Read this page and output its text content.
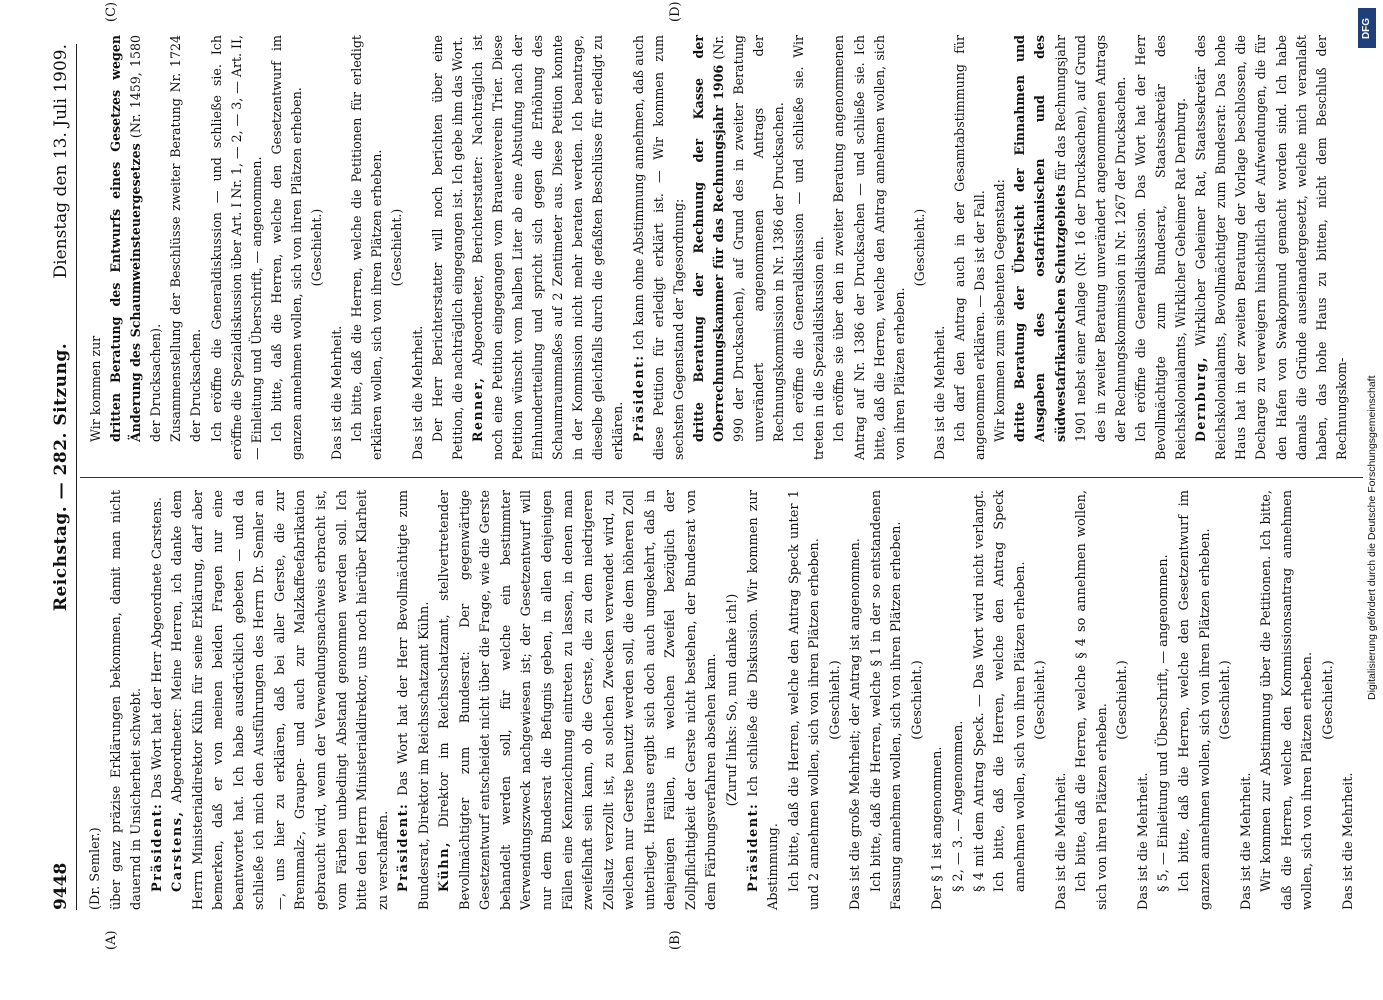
9448
Reichstag. — 282. Sitzung.
Dienstag den 13. Juli 1909.
(A)	(B)
(C)	(D)

(Dr. Semler.) über ganz präzise Erklärungen bekommen, damit man nicht dauernd in Unsicherheit schwebt. Präsident: Das Wort hat der Herr Abgeordnete Carstens.

Carstens, Abgeordneter: Meine Herren, ich danke dem Herrn Ministerialdirektor Kühn für seine Erklärung, darf aber bemerken, daß er von meinen beiden Fragen nur eine beantwortet hat. Ich habe ausdrücklich gebeten — und da schließe ich mich den Ausführungen des Herrn Dr. Semler an —, uns hier zu erklären, daß bei aller Gerste, die zur Brennmalz-, Graupen- und auch zur Malzkaffeefabrikation gebraucht wird, wenn der Verwendungsnachweis erbracht ist, vom Färben unbedingt Abstand genommen werden soll. Ich bitte den Herrn Ministerialdirektor, uns noch hierüber Klarheit zu verschaffen. Präsident: Das Wort hat der Herr Bevollmächtigte zum Bundesrat, Direktor im Reichsschatzamt Kühn. Kühn, Direktor im Reichsschatzamt, stellvertretender Bevollmächtigter zum Bundesrat: Der gegenwärtige Gesetzentwurf entscheidet nicht über die Frage, wie die Gerste behandelt werden soll, für welche ein bestimmter Verwendungszweck nachgewiesen ist; der Gesetzentwurf will nur dem Bundesrat die Befugnis geben, in allen denjenigen Fällen eine Kennzeichnung eintreten zu lassen, in denen man zweifelhaft sein kann, ob die Gerste, die zu dem niedrigeren Zollsatz verzollt ist, zu solchen Zwecken verwendet wird, zu welchen nur Gerste benutzt werden soll, die dem höheren Zoll unterliegt. Hieraus ergibt sich doch auch umgekehrt, daß in denjenigen Fällen, in welchen Zweifel bezüglich der Zollpflichtigkeit der Gerste nicht bestehen, der Bundesrat von dem Färbungsverfahren absehen kann. (Zuruf links: So, nun danke ich!)

Präsident: Ich schließe die Diskussion. Wir kommen zur Abstimmung. Ich bitte, daß die Herren, welche den Antrag Speck unter 1 und 2 annehmen wollen, sich von ihren Plätzen erheben. (Geschieht.) Das ist die große Mehrheit; der Antrag ist angenommen. Ich bitte, daß die Herren, welche § 1 in der so entstandenen Fassung annehmen wollen, sich von ihren Plätzen erheben. (Geschieht.)

Der § 1 ist angenommen. § 2, — 3. — Angenommen. § 4 mit dem Antrag Speck. — Das Wort wird nicht verlangt. Ich bitte, daß die Herren, welche den Antrag Speck annehmen wollen, sich von ihren Plätzen erheben. (Geschieht.)

Das ist die Mehrheit. Ich bitte, daß die Herren, welche § 4 so annehmen wollen, sich von ihren Plätzen erheben.

(Geschieht.)

Das ist die Mehrheit. § 5, — Einleitung und Überschrift, — angenommen. Ich bitte, daß die Herren, welche den Gesetzentwurf im ganzen annehmen wollen, sich von ihren Plätzen erheben. (Geschieht.)

Das ist die Mehrheit. Wir kommen zur Abstimmung über die Petitionen. Ich bitte, daß die Herren, welche den Kommissionsantrag annehmen wollen, sich von ihren Plätzen erheben. (Geschieht.)

Das ist die Mehrheit.

Wir kommen zur dritten Beratung des Entwurfs eines Gesetzes wegen Änderung des Schaumweinsteuergesetzes (Nr. 1459, 1580 der Drucksachen). Zusammenstellung der Beschlüsse zweiter Beratung Nr. 1724 der Drucksachen. Ich eröffne die Generaldiskussion — und schließe sie. Ich eröffne die Spezialdiskussion über Art. I Nr. 1, — 2, — 3, — Art. II, — Einleitung und Überschrift, — angenommen. Ich bitte, daß die Herren, welche den Gesetzentwurf im ganzen annehmen wollen, sich von ihren Plätzen erheben. (Geschieht.)

Das ist die Mehrheit. Ich bitte, daß die Herren, welche die Petitionen für erledigt erklären wollen, sich von ihren Plätzen erheben. (Geschieht.)

Das ist die Mehrheit. Der Herr Berichterstatter will noch berichten über eine Petition, die nachträglich eingegangen ist. Ich gebe ihm das Wort. Renner, Abgeordneter, Berichterstatter: Nachträglich ist noch eine Petition eingegangen vom Brauereiverein Trier. Diese Petition wünscht vom halben Liter ab eine Abstufung nach der Einhundertteilung und spricht sich gegen die Erhöhung des Schaumraummaßes auf 2 Zentimeter aus. Diese Petition konnte in der Kommission nicht mehr beraten werden. Ich beantrage, dieselbe gleichfalls durch die gefaßten Beschlüsse für erledigt zu erklären. Präsident: Ich kann ohne Abstimmung annehmen, daß auch diese Petition für erledigt erklärt ist. — Wir kommen zum sechsten Gegenstand der Tagesordnung: dritte Beratung der Rechnung der Kasse der Oberrechnungskammer für das Rechnungsjahr 1906 (Nr. 990 der Drucksachen), auf Grund des in zweiter Beratung unverändert angenommenen Antrags der Rechnungskommission in Nr. 1386 der Drucksachen. Ich eröffne die Generaldiskussion — und schließe sie. Wir treten in die Spezialdiskussion ein. Ich eröffne sie über den in zweiter Beratung angenommenen Antrag auf Nr. 1386 der Drucksachen — und schließe sie. Ich bitte, daß die Herren, welche den Antrag annehmen wollen, sich von ihren Plätzen erheben.

(Geschieht.)

Das ist die Mehrheit. Ich darf den Antrag auch in der Gesamtabstimmung für angenommen erklären. — Das ist der Fall. Wir kommen zum siebenten Gegenstand: dritte Beratung der Übersicht der Einnahmen und Ausgaben des ostafrikanischen und des südwestafrikanischen Schutzgebiets für das Rechnungsjahr 1901 nebst einer Anlage (Nr. 16 der Drucksachen), auf Grund des in zweiter Beratung unverändert angenommenen Antrags der Rechnungskommission in Nr. 1267 der Drucksachen. Ich eröffne die Generaldiskussion. Das Wort hat der Herr Bevollmächtigte zum Bundesrat, Staatssekretär des Reichskolonialamts, Wirklicher Geheimer Rat Dernburg. Dernburg, Wirklicher Geheimer Rat, Staatssekretär des Reichskolonialamts, Bevollmächtigter zum Bundesrat: Das hohe Haus hat in der zweiten Beratung der Vorlage beschlossen, die Decharge zu verweigern hinsichtlich der Aufwendungen, die für den Hafen von Swakopmund gemacht worden sind. Ich habe damals die Gründe auseinandergesetzt, welche mich veranlaßt haben, das hohe Haus zu bitten, nicht dem Beschluß der Rechnungskom-

DFG
Digitalisierung gefördert durch die Deutsche Forschungsgemeinschaft
